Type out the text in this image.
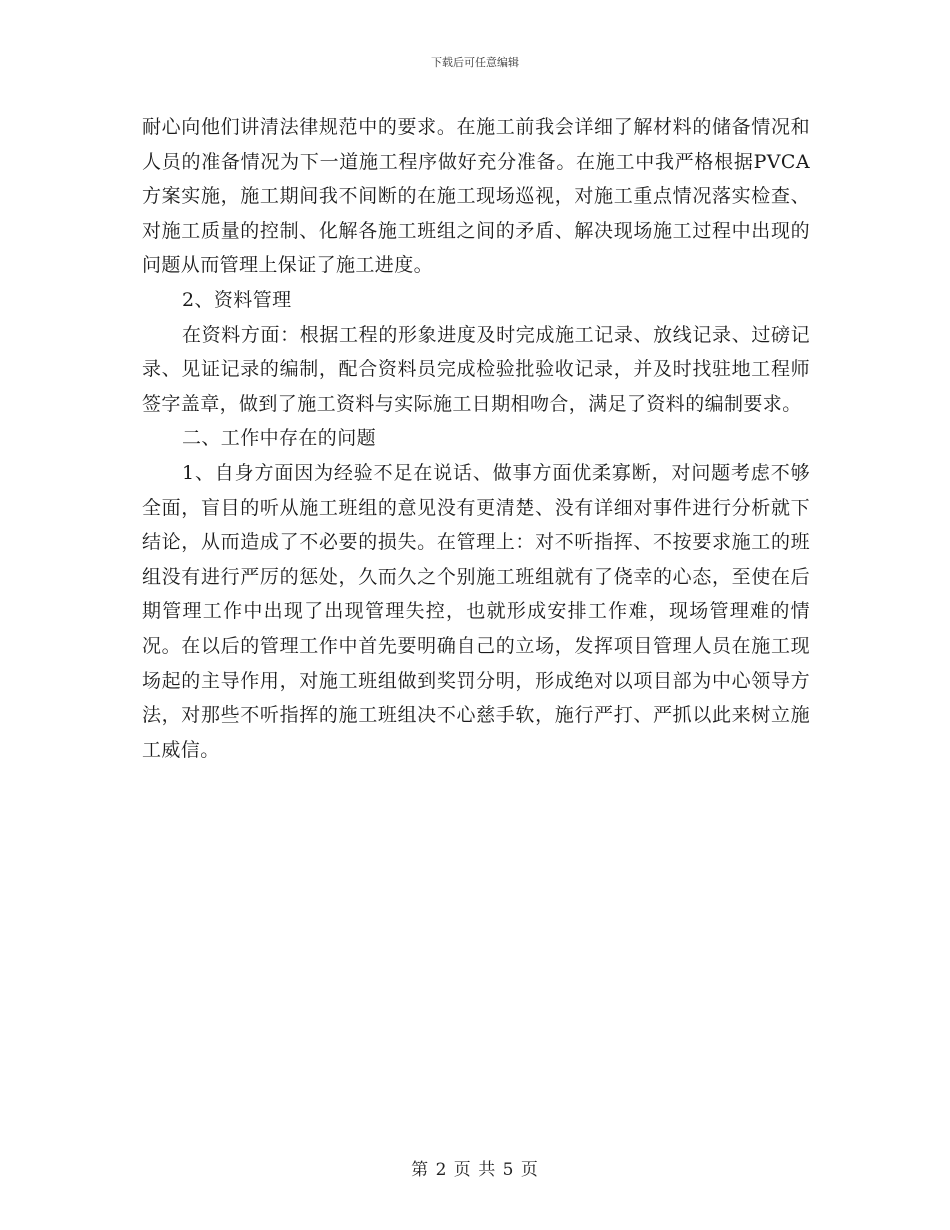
下载后可任意编辑

耐心向他们讲清法律规范中的要求。在施工前我会详细了解材料的储备情况和人员的准备情况为下一道施工程序做好充分准备。在施工中我严格根据PVCA方案实施，施工期间我不间断的在施工现场巡视，对施工重点情况落实检查、对施工质量的控制、化解各施工班组之间的矛盾、解决现场施工过程中出现的问题从而管理上保证了施工进度。

2、资料管理

在资料方面：根据工程的形象进度及时完成施工记录、放线记录、过磅记录、见证记录的编制，配合资料员完成检验批验收记录，并及时找驻地工程师签字盖章，做到了施工资料与实际施工日期相吻合，满足了资料的编制要求。

二、工作中存在的问题

1、自身方面因为经验不足在说话、做事方面优柔寡断，对问题考虑不够全面，盲目的听从施工班组的意见没有更清楚、没有详细对事件进行分析就下结论，从而造成了不必要的损失。在管理上：对不听指挥、不按要求施工的班组没有进行严厉的惩处，久而久之个别施工班组就有了侥幸的心态，至使在后期管理工作中出现了出现管理失控，也就形成安排工作难，现场管理难的情况。在以后的管理工作中首先要明确自己的立场，发挥项目管理人员在施工现场起的主导作用，对施工班组做到奖罚分明，形成绝对以项目部为中心领导方法，对那些不听指挥的施工班组决不心慈手软，施行严打、严抓以此来树立施工威信。

第 2 页 共 5 页
